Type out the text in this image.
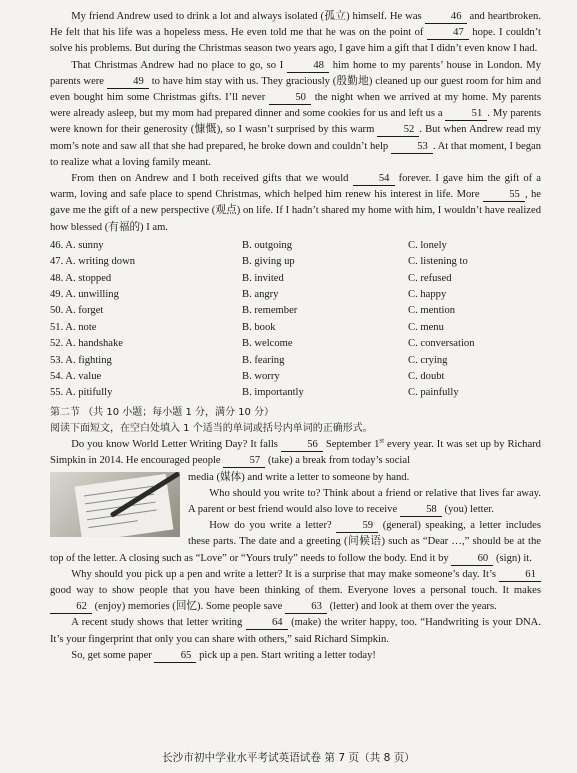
My friend Andrew used to drink a lot and always isolated (孤立) himself. He was 46 and heartbroken. He felt that his life was a hopeless mess. He even told me that he was on the point of 47 hope. I couldn’t solve his problems. But during the Christmas season two years ago, I gave him a gift that I didn’t even know I had.

That Christmas Andrew had no place to go, so I 48 him home to my parents’ house in London. My parents were 49 to have him stay with us. They graciously (殷勤地) cleaned up our guest room for him and even bought him some Christmas gifts. I’ll never 50 the night when we arrived at my home. My parents were already asleep, but my mom had prepared dinner and some cookies for us and left us a 51 . My parents were known for their generosity (慷慨), so I wasn’t surprised by this warm 52 . But when Andrew read my mom’s note and saw all that she had prepared, he broke down and couldn’t help 53 . At that moment, I began to realize what a loving family meant.

From then on Andrew and I both received gifts that we would 54 forever. I gave him the gift of a warm, loving and safe place to spend Christmas, which helped him renew his interest in life. More 55 , he gave me the gift of a new perspective (观点) on life. If I hadn’t shared my home with him, I wouldn’t have realized how blessed (有福的) I am.

46. A. sunny	B. outgoing	C. lonely
47. A. writing down	B. giving up	C. listening to
48. A. stopped	B. invited	C. refused
49. A. unwilling	B. angry	C. happy
50. A. forget	B. remember	C. mention
51. A. note	B. book	C. menu
52. A. handshake	B. welcome	C. conversation
53. A. fighting	B. fearing	C. crying
54. A. value	B. worry	C. doubt
55. A. pitifully	B. importantly	C. painfully
第二节 （共 10 小题；每小题 1 分，满分 10 分）
阅读下面短文，在空白处填入 1 个适当的单词或括号内单词的正确形式。

Do you know World Letter Writing Day? It falls 56 September 1st every year. It was set up by Richard Simpkin in 2014. He encouraged people 57 (take) a break from today’s social

media (媒体) and write a letter to someone by hand.

Who should you write to? Think about a friend or relative that lives far away. A parent or best friend would also love to receive 58 (you) letter.

How do you write a letter? 59 (general) speaking, a letter includes these parts. The date and a greeting (问候语) such as “Dear …,” should be at the top of the letter. A closing such as “Love” or “Yours truly” needs to follow the body. End it by 60 (sign) it.

Why should you pick up a pen and write a letter? It is a surprise that may make someone’s day. It’s 61 good way to show people that you have been thinking of them. Everyone loves a personal touch. It makes 62 (enjoy) memories (回忆). Some people save 63 (letter) and look at them over the years.

A recent study shows that letter writing 64 (make) the writer happy, too. “Handwriting is your DNA. It’s your fingerprint that only you can share with others,” said Richard Simpkin.

So, get some paper 65 pick up a pen. Start writing a letter today!

长沙市初中学业水平考试英语试卷 第 7 页（共 8 页）
